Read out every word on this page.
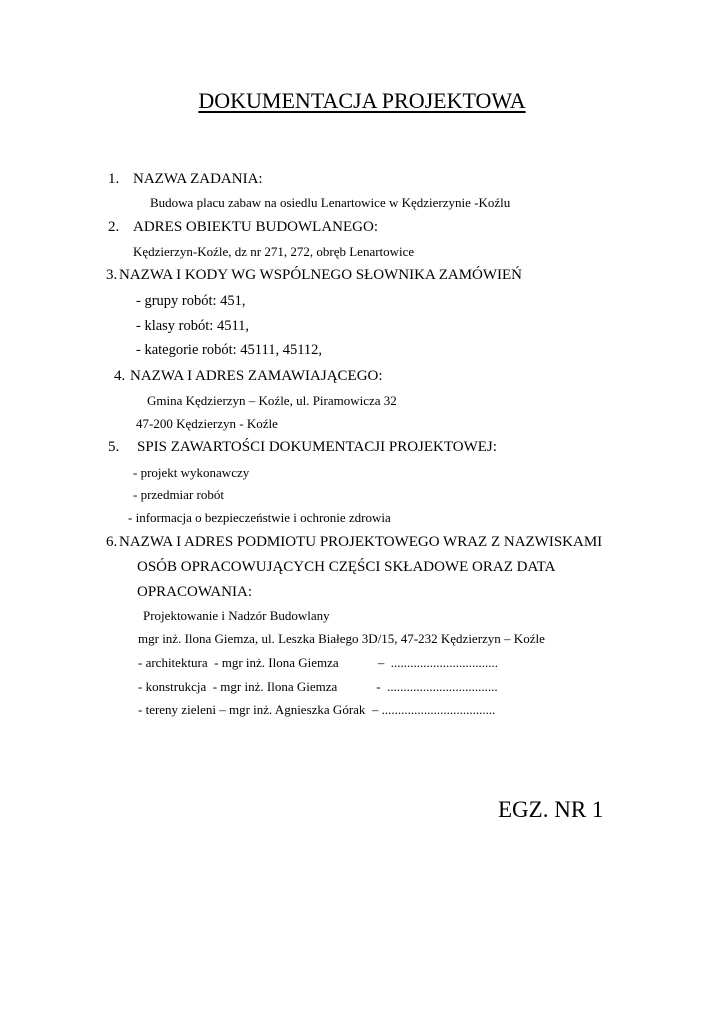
DOKUMENTACJA PROJEKTOWA
1. NAZWA ZADANIA:
Budowa placu zabaw na osiedlu Lenartowice w Kędzierzynie -Koźlu
2. ADRES OBIEKTU BUDOWLANEGO:
Kędzierzyn-Koźle, dz nr 271, 272, obręb Lenartowice
3. NAZWA I KODY WG WSPÓLNEGO SŁOWNIKA ZAMÓWIEŃ
- grupy robót: 451,
- klasy robót: 4511,
- kategorie robót: 45111, 45112,
4. NAZWA I ADRES ZAMAWIAJĄCEGO:
Gmina Kędzierzyn – Koźle, ul. Piramowicza 32
47-200 Kędzierzyn - Koźle
5. SPIS ZAWARTOŚCI DOKUMENTACJI PROJEKTOWEJ:
- projekt wykonawczy
- przedmiar robót
- informacja o bezpieczeństwie i ochronie zdrowia
6. NAZWA I ADRES PODMIOTU PROJEKTOWEGO WRAZ Z NAZWISKAMI
OSÓB OPRACOWUJĄCYCH CZĘŚCI SKŁADOWE ORAZ DATA
OPRACOWANIA:
Projektowanie i Nadzór Budowlany
mgr inż. Ilona Giemza, ul. Leszka Białego 3D/15, 47-232 Kędzierzyn – Koźle
- architektura  - mgr inż. Ilona Giemza            –  .................................
- konstrukcja  - mgr inż. Ilona Giemza            -  ..................................
- tereny zieleni – mgr inż. Agnieszka Górak  – ...................................
EGZ. NR 1
